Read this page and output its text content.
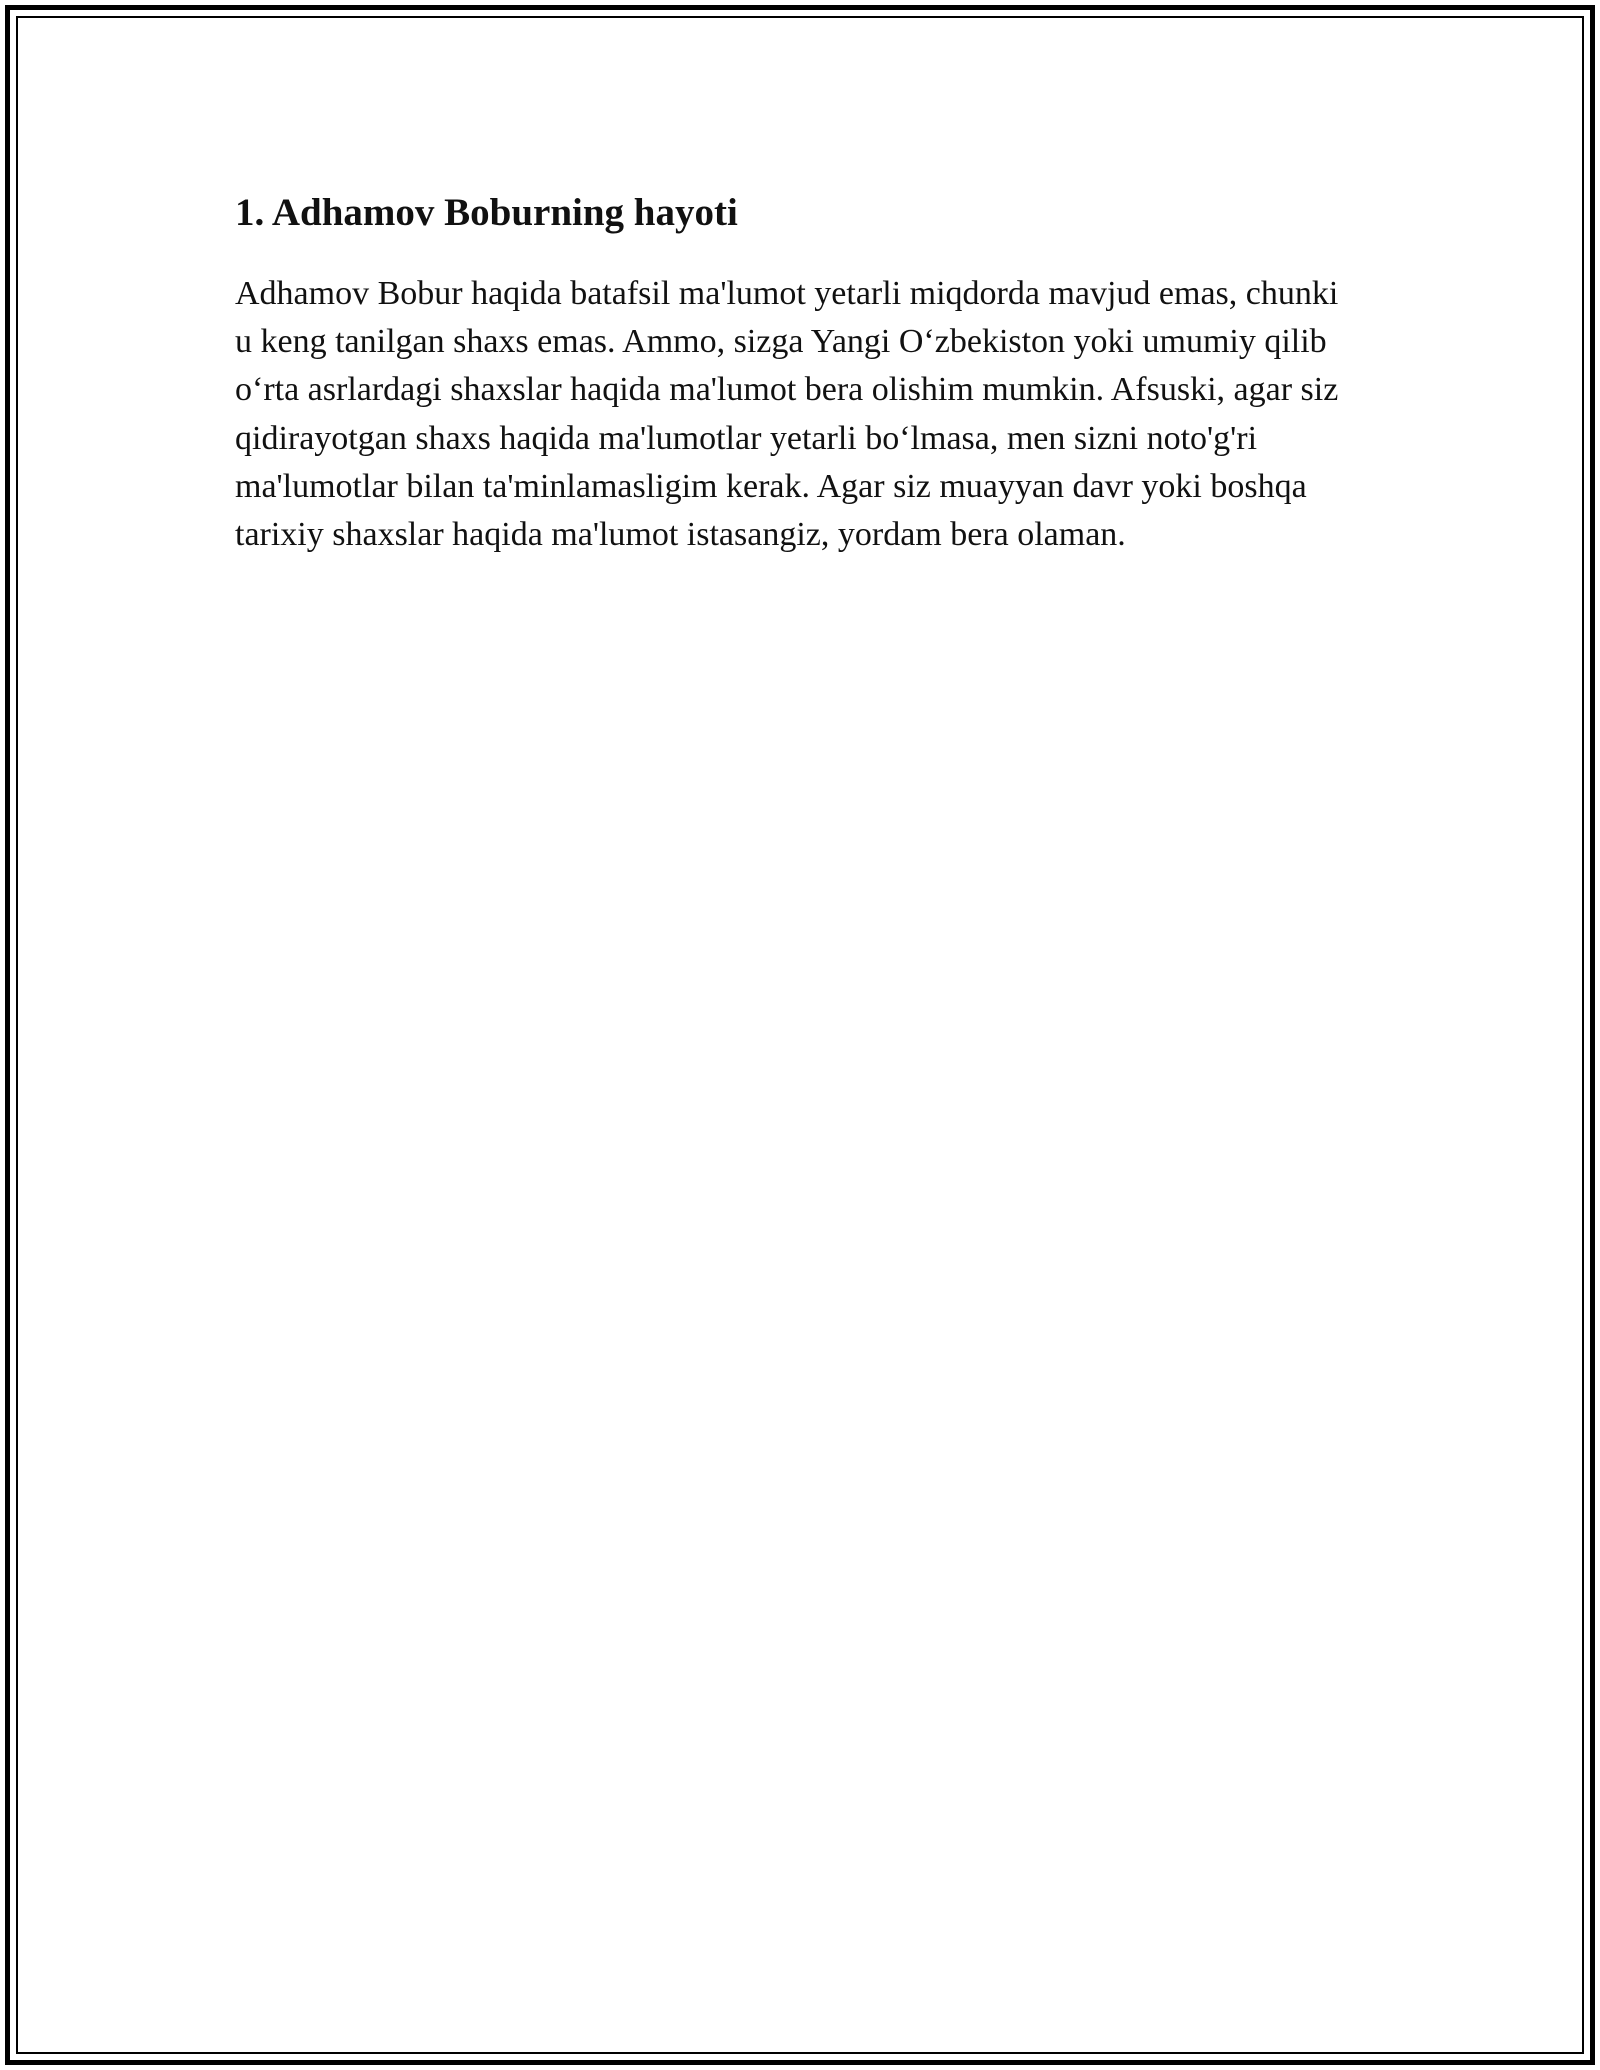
1. Adhamov Boburning hayoti

Adhamov Bobur haqida batafsil ma'lumot yetarli miqdorda mavjud emas, chunki u keng tanilgan shaxs emas. Ammo, sizga Yangi O‘zbekiston yoki umumiy qilib o‘rta asrlardagi shaxslar haqida ma'lumot bera olishim mumkin. Afsuski, agar siz qidirayotgan shaxs haqida ma'lumotlar yetarli bo‘lmasa, men sizni noto'g'ri ma'lumotlar bilan ta'minlamasligim kerak. Agar siz muayyan davr yoki boshqa tarixiy shaxslar haqida ma'lumot istasangiz, yordam bera olaman.
